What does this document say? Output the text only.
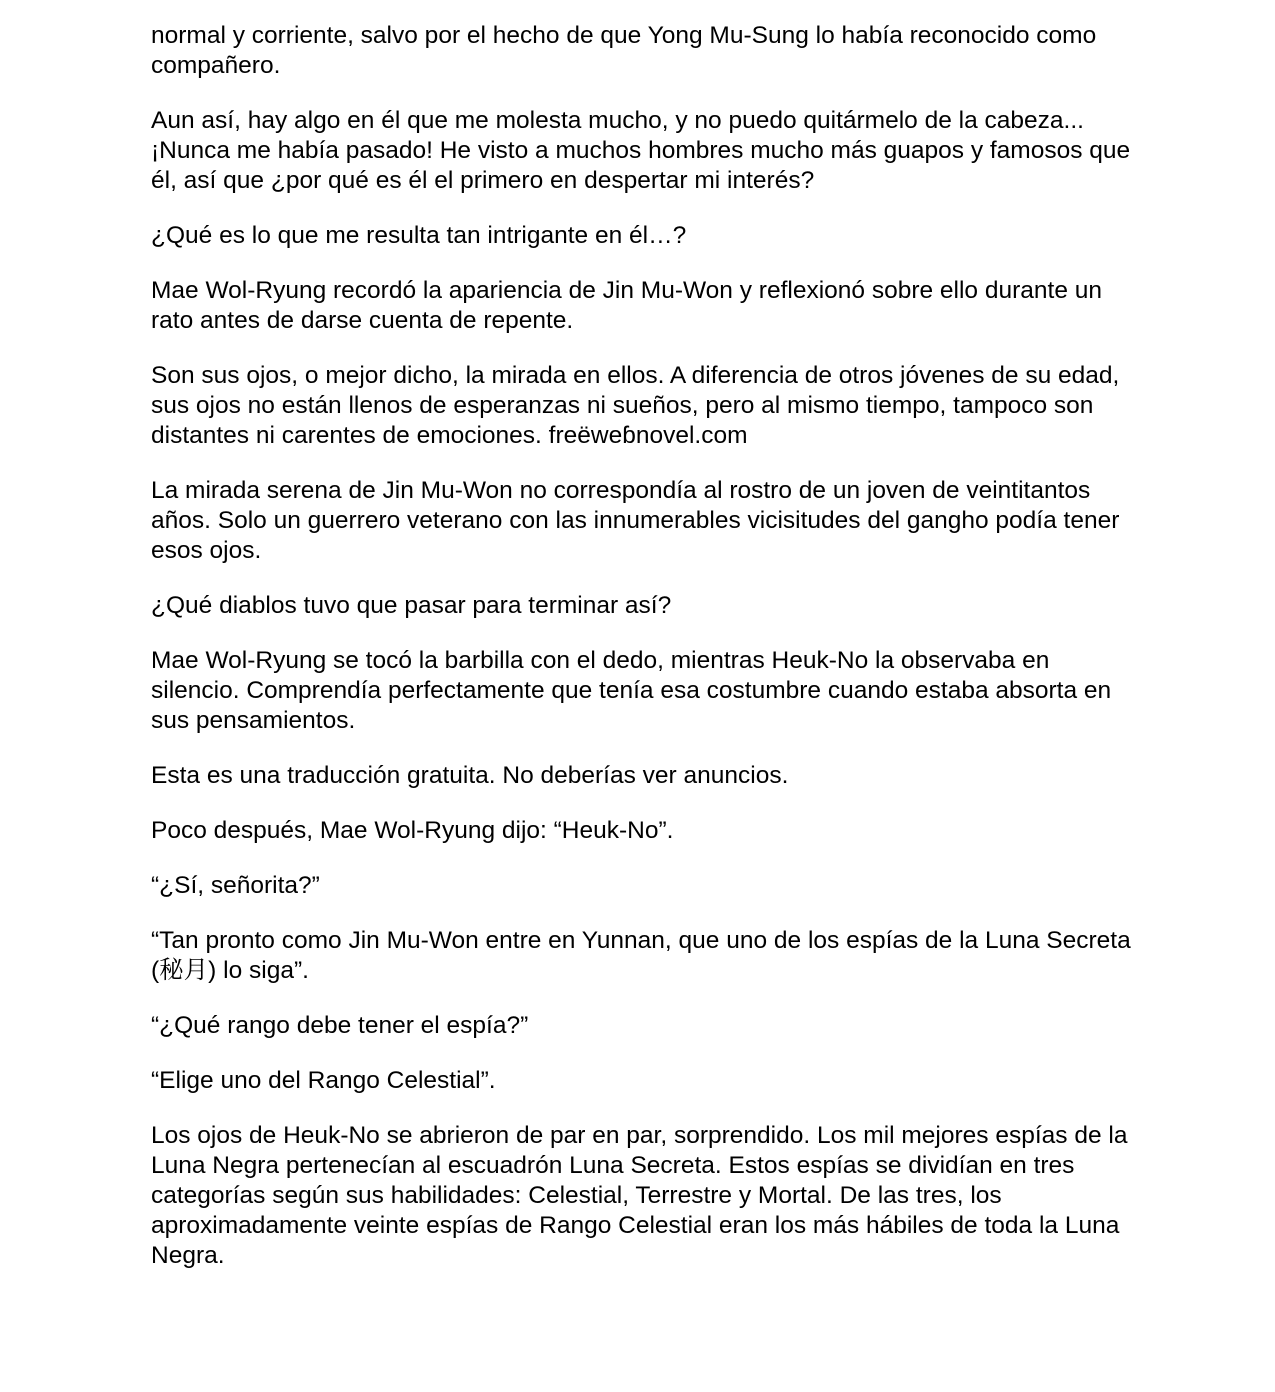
normal y corriente, salvo por el hecho de que Yong Mu-Sung lo había reconocido como compañero.

Aun así, hay algo en él que me molesta mucho, y no puedo quitármelo de la cabeza... ¡Nunca me había pasado! He visto a muchos hombres mucho más guapos y famosos que él, así que ¿por qué es él el primero en despertar mi interés?

¿Qué es lo que me resulta tan intrigante en él…?

Mae Wol-Ryung recordó la apariencia de Jin Mu-Won y reflexionó sobre ello durante un rato antes de darse cuenta de repente.

Son sus ojos, o mejor dicho, la mirada en ellos. A diferencia de otros jóvenes de su edad, sus ojos no están llenos de esperanzas ni sueños, pero al mismo tiempo, tampoco son distantes ni carentes de emociones. freëweɓnovel.com

La mirada serena de Jin Mu-Won no correspondía al rostro de un joven de veintitantos años. Solo un guerrero veterano con las innumerables vicisitudes del gangho podía tener esos ojos.

¿Qué diablos tuvo que pasar para terminar así?

Mae Wol-Ryung se tocó la barbilla con el dedo, mientras Heuk-No la observaba en silencio. Comprendía perfectamente que tenía esa costumbre cuando estaba absorta en sus pensamientos.

Esta es una traducción gratuita. No deberías ver anuncios.

Poco después, Mae Wol-Ryung dijo: “Heuk-No”.

“¿Sí, señorita?”

“Tan pronto como Jin Mu-Won entre en Yunnan, que uno de los espías de la Luna Secreta (秘月) lo siga”.

“¿Qué rango debe tener el espía?”

“Elige uno del Rango Celestial”.

Los ojos de Heuk-No se abrieron de par en par, sorprendido. Los mil mejores espías de la Luna Negra pertenecían al escuadrón Luna Secreta. Estos espías se dividían en tres categorías según sus habilidades: Celestial, Terrestre y Mortal. De las tres, los aproximadamente veinte espías de Rango Celestial eran los más hábiles de toda la Luna Negra.
